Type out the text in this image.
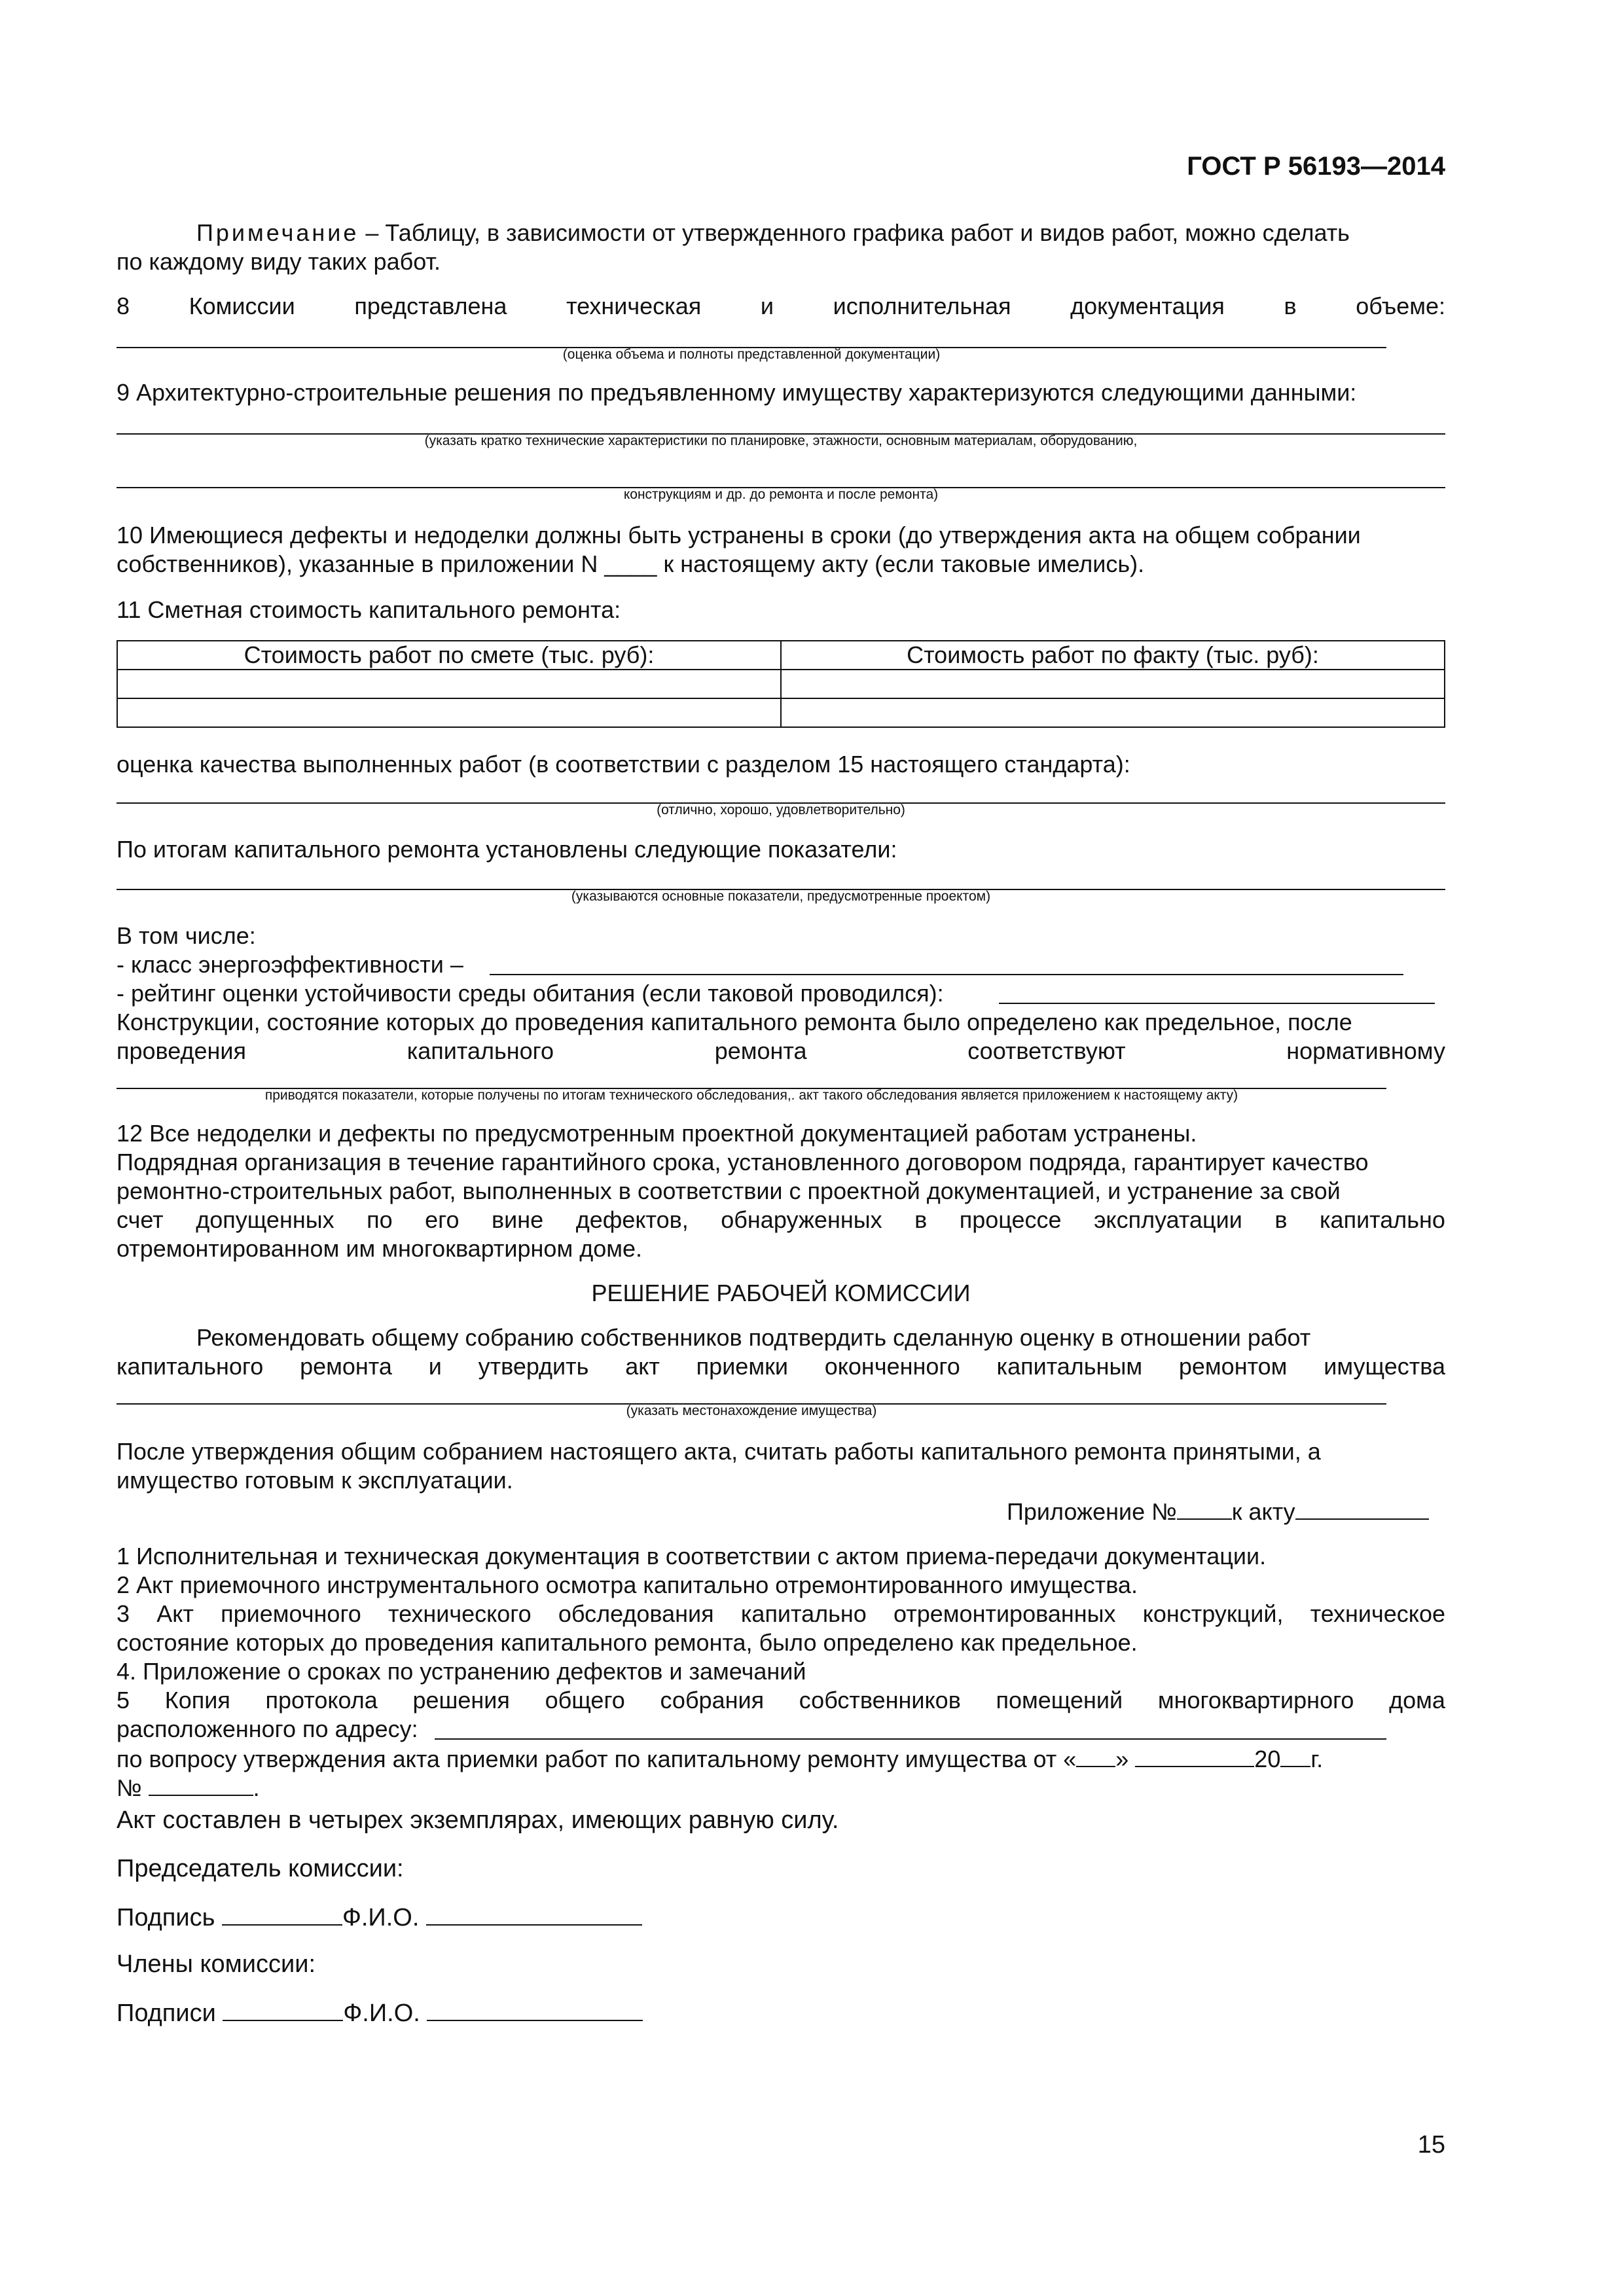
ГОСТ Р 56193—2014
Примечание – Таблицу, в зависимости от утвержденного графика работ и видов работ, можно сделать
по каждому виду таких работ.
8	Комиссии	представлена	техническая	и	исполнительная	документация	в	объеме:
(оценка объема и полноты представленной документации)
9 Архитектурно-строительные решения по предъявленному имуществу характеризуются следующими данными:
(указать кратко технические характеристики по планировке, этажности, основным материалам, оборудованию,
конструкциям и др. до ремонта и после ремонта)
10 Имеющиеся дефекты и недоделки должны быть устранены в сроки (до утверждения акта на общем собрании
собственников), указанные в приложении N ____ к настоящему акту (если таковые имелись).
11 Сметная стоимость капитального ремонта:
Стоимость работ по смете (тыс. руб):	Стоимость работ по факту (тыс. руб):

оценка качества выполненных работ (в соответствии с разделом 15 настоящего стандарта):
(отлично, хорошо, удовлетворительно)
По итогам капитального ремонта установлены следующие показатели:
(указываются основные показатели, предусмотренные проектом)
В том числе:
- класс энергоэффективности –
- рейтинг оценки устойчивости среды обитания (если таковой проводился):
Конструкции, состояние которых до проведения капитального ремонта было определено как предельное, после
проведения	капитального	ремонта	соответствуют	нормативному
приводятся показатели, которые получены по итогам технического обследования,. акт такого обследования является приложением к настоящему акту)
12 Все недоделки и дефекты по предусмотренным проектной документацией работам устранены.
Подрядная организация в течение гарантийного срока, установленного договором подряда, гарантирует качество
ремонтно-строительных работ, выполненных в соответствии с проектной документацией, и устранение за свой
счет допущенных по его вине дефектов, обнаруженных в процессе эксплуатации в капитально
отремонтированном им многоквартирном доме.
РЕШЕНИЕ РАБОЧЕЙ КОМИССИИ
Рекомендовать общему собранию собственников подтвердить сделанную оценку в отношении работ
капитального ремонта и утвердить акт приемки оконченного капитальным ремонтом имущества
(указать местонахождение имущества)
После утверждения общим собранием настоящего акта, считать работы капитального ремонта принятыми, а
имущество готовым к эксплуатации.
Приложение № к акту
1 Исполнительная и техническая документация в соответствии с актом приема-передачи документации.
2 Акт приемочного инструментального осмотра капитально отремонтированного имущества.
3 Акт приемочного технического обследования капитально отремонтированных конструкций, техническое
состояние которых до проведения капитального ремонта, было определено как предельное.
4. Приложение о сроках по устранению дефектов и замечаний
5 Копия протокола решения общего собрания собственников помещений многоквартирного дома
расположенного по адресу:
по вопросу утверждения акта приемки работ по капитальному ремонту имущества от « »	20 г.
№	.
Акт составлен в четырех экземплярах, имеющих равную силу.
Председатель комиссии:
Подпись	Ф.И.О.
Члены комиссии:
Подписи	Ф.И.О.
15
